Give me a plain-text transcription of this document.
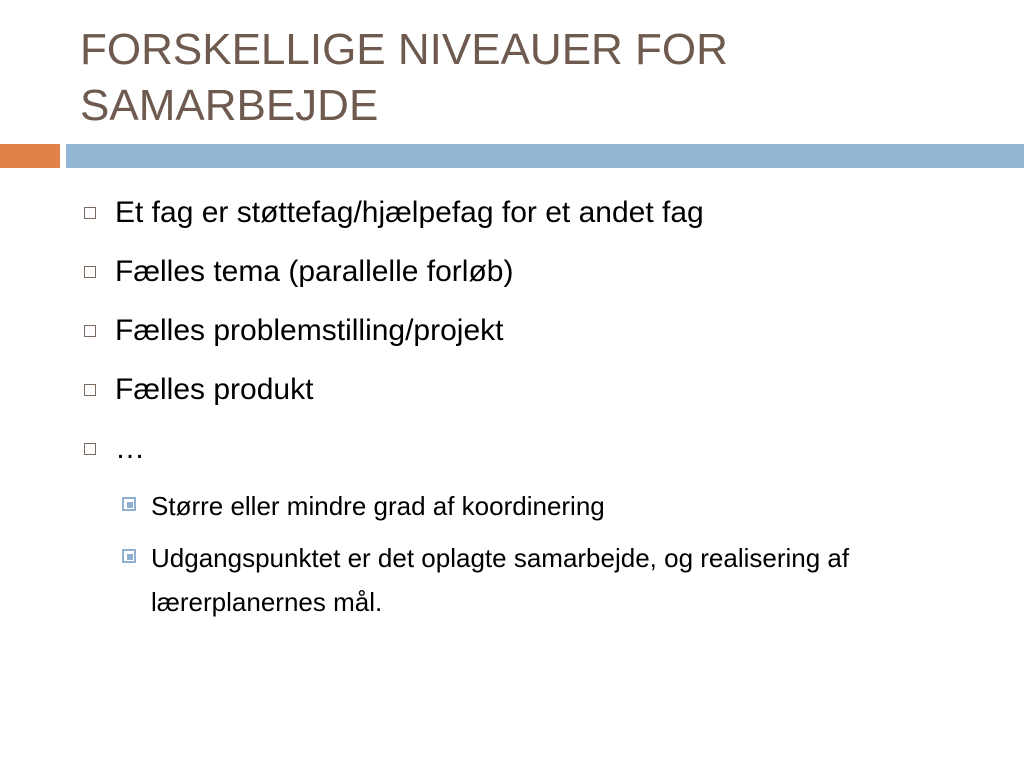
FORSKELLIGE NIVEAUER FOR SAMARBEJDE
Et fag er støttefag/hjælpefag for et andet fag
Fælles tema (parallelle forløb)
Fælles problemstilling/projekt
Fælles produkt
…
Større eller mindre grad af koordinering
Udgangspunktet er det oplagte samarbejde, og realisering af lærerplanernes mål.
